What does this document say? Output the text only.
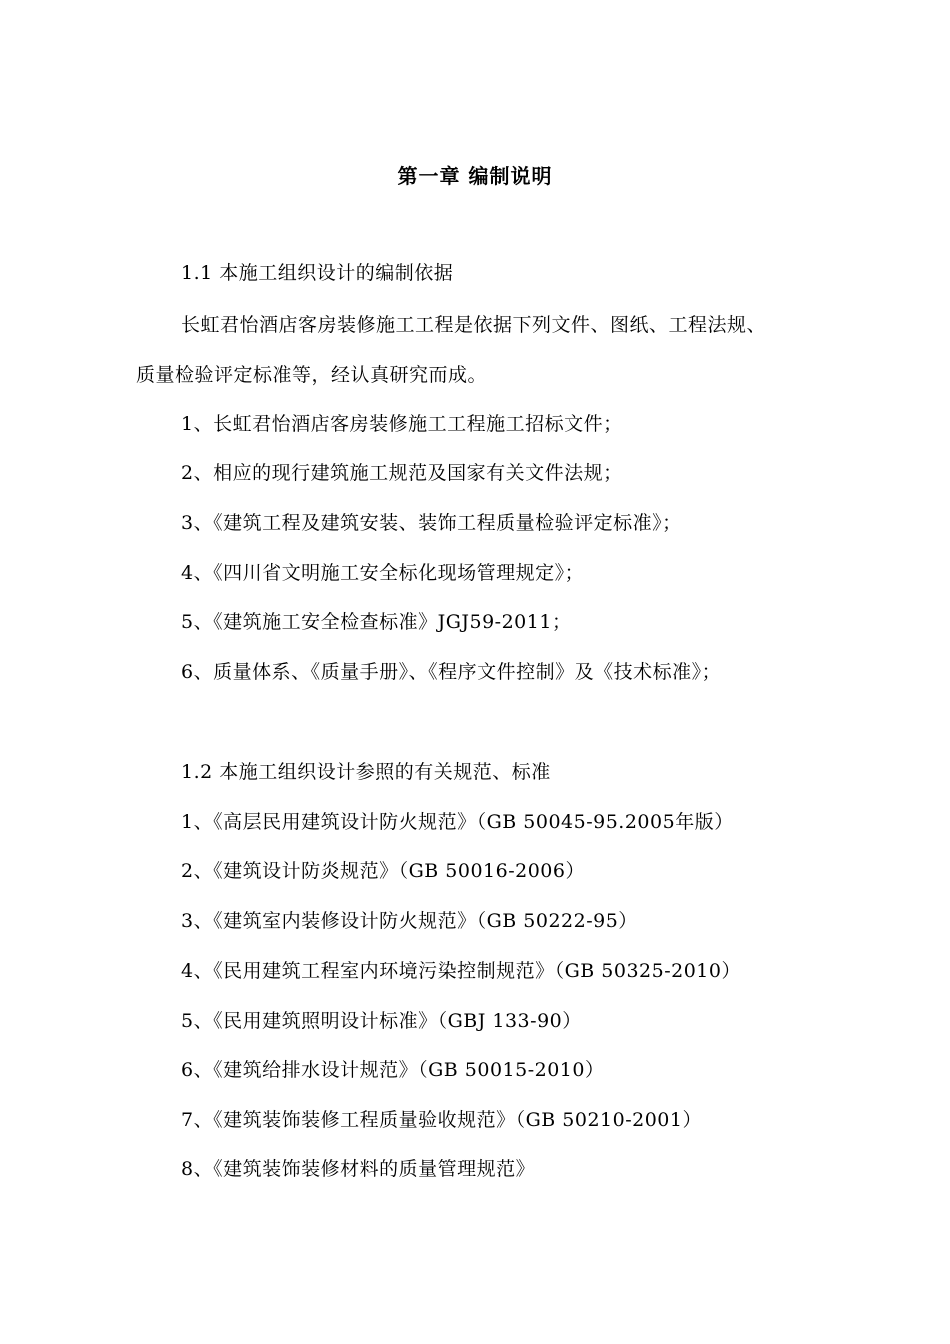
第一章 编制说明
1.1 本施工组织设计的编制依据
长虹君怡酒店客房装修施工工程是依据下列文件、图纸、工程法规、
质量检验评定标准等，经认真研究而成。
1、长虹君怡酒店客房装修施工工程施工招标文件；
2、相应的现行建筑施工规范及国家有关文件法规；
3、《建筑工程及建筑安装、装饰工程质量检验评定标准》；
4、《四川省文明施工安全标化现场管理规定》；
5、《建筑施工安全检查标准》JGJ59-2011；
6、质量体系、《质量手册》、《程序文件控制》及《技术标准》；
1.2 本施工组织设计参照的有关规范、标准
1、《高层民用建筑设计防火规范》（GB 50045-95.2005年版）
2、《建筑设计防炎规范》（GB 50016-2006）
3、《建筑室内装修设计防火规范》（GB 50222-95）
4、《民用建筑工程室内环境污染控制规范》（GB 50325-2010）
5、《民用建筑照明设计标准》（GBJ 133-90）
6、《建筑给排水设计规范》（GB 50015-2010）
7、《建筑装饰装修工程质量验收规范》（GB 50210-2001）
8、《建筑装饰装修材料的质量管理规范》
